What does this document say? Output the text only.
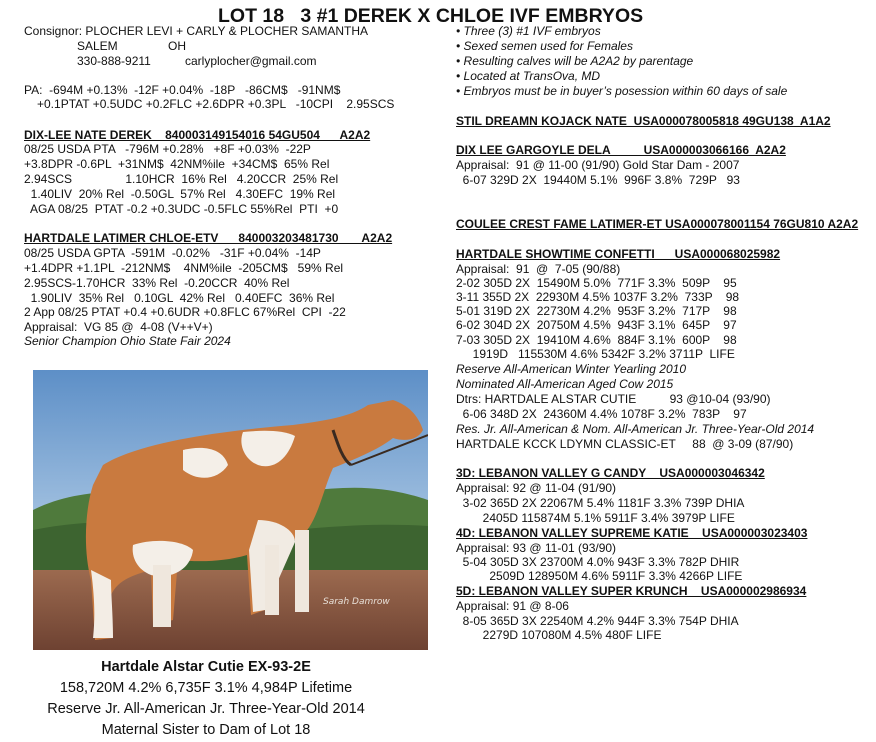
LOT 18   3 #1 DEREK X CHLOE IVF EMBRYOS
Consignor: PLOCHER LEVI + CARLY & PLOCHER SAMANTHA
SALEM	OH
330-888-9211	carlyplocher@gmail.com
PA:  -694M +0.13%  -12F +0.04%  -18P   -86CM$   -91NM$
+0.1PTAT +0.5UDC +0.2FLC +2.6DPR +0.3PL   -10CPI    2.95SCS
• Three (3) #1 IVF embryos
• Sexed semen used for Females
• Resulting calves will be A2A2 by parentage
• Located at TransOva, MD
• Embryos must be in buyer’s posession within 60 days of sale
DIX-LEE NATE DEREK    840003149154016 54GU504      A2A2
08/25 USDA PTA   -796M +0.28%   +8F +0.03%  -22P
+3.8DPR -0.6PL  +31NM$  42NM%ile  +34CM$  65% Rel
2.94SCS                1.10HCR  16% Rel   4.20CCR  25% Rel
1.40LIV  20% Rel  -0.50GL  57% Rel   4.30EFC  19% Rel
AGA 08/25  PTAT -0.2 +0.3UDC -0.5FLC 55%Rel  PTI  +0
HARTDALE LATIMER CHLOE-ETV      840003203481730       A2A2
08/25 USDA GPTA  -591M  -0.02%   -31F +0.04%  -14P
+1.4DPR +1.1PL  -212NM$    4NM%ile  -205CM$   59% Rel
2.95SCS-1.70HCR  33% Rel  -0.20CCR  40% Rel
1.90LIV  35% Rel   0.10GL  42% Rel   0.40EFC  36% Rel
2 App 08/25 PTAT +0.4 +0.6UDR +0.8FLC 67%Rel  CPI  -22
Appraisal:  VG 85 @  4-08 (V++V+)
Senior Champion Ohio State Fair 2024
Sarah Damrow
Hartdale Alstar Cutie EX-93-2E
158,720M 4.2% 6,735F 3.1% 4,984P Lifetime
Reserve Jr. All-American Jr. Three-Year-Old 2014
Maternal Sister to Dam of Lot 18
STIL DREAMN KOJACK NATE  USA000078005818 49GU138  A1A2
DIX LEE GARGOYLE DELA          USA000003066166  A2A2
Appraisal:  91 @ 11-00 (91/90) Gold Star Dam - 2007
6-07 329D 2X  19440M 5.1%  996F 3.8%  729P   93
COULEE CREST FAME LATIMER-ET USA000078001154 76GU810 A2A2
HARTDALE SHOWTIME CONFETTI      USA000068025982
Appraisal:  91  @  7-05 (90/88)
2-02 305D 2X  15490M 5.0%  771F 3.3%  509P    95
3-11 355D 2X  22930M 4.5% 1037F 3.2%  733P    98
5-01 319D 2X  22730M 4.2%  953F 3.2%  717P    98
6-02 304D 2X  20750M 4.5%  943F 3.1%  645P    97
7-03 305D 2X  19410M 4.6%  884F 3.1%  600P    98
1919D   115530M 4.6% 5342F 3.2% 3711P  LIFE
Reserve All-American Winter Yearling 2010
Nominated All-American Aged Cow 2015
Dtrs: HARTDALE ALSTAR CUTIE          93 @10-04 (93/90)
6-06 348D 2X  24360M 4.4% 1078F 3.2%  783P    97
Res. Jr. All-American & Nom. All-American Jr. Three-Year-Old 2014
HARTDALE KCCK LDYMN CLASSIC-ET     88  @ 3-09 (87/90)
3D: LEBANON VALLEY G CANDY    USA000003046342
Appraisal: 92 @ 11-04 (91/90)
3-02 365D 2X 22067M 5.4% 1181F 3.3% 739P DHIA
2405D 115874M 5.1% 5911F 3.4% 3979P LIFE
4D: LEBANON VALLEY SUPREME KATIE    USA000003023403
Appraisal: 93 @ 11-01 (93/90)
5-04 305D 3X 23700M 4.0% 943F 3.3% 782P DHIR
2509D 128950M 4.6% 5911F 3.3% 4266P LIFE
5D: LEBANON VALLEY SUPER KRUNCH    USA000002986934
Appraisal: 91 @ 8-06
8-05 365D 3X 22540M 4.2% 944F 3.3% 754P DHIA
2279D 107080M 4.5% 480F LIFE
